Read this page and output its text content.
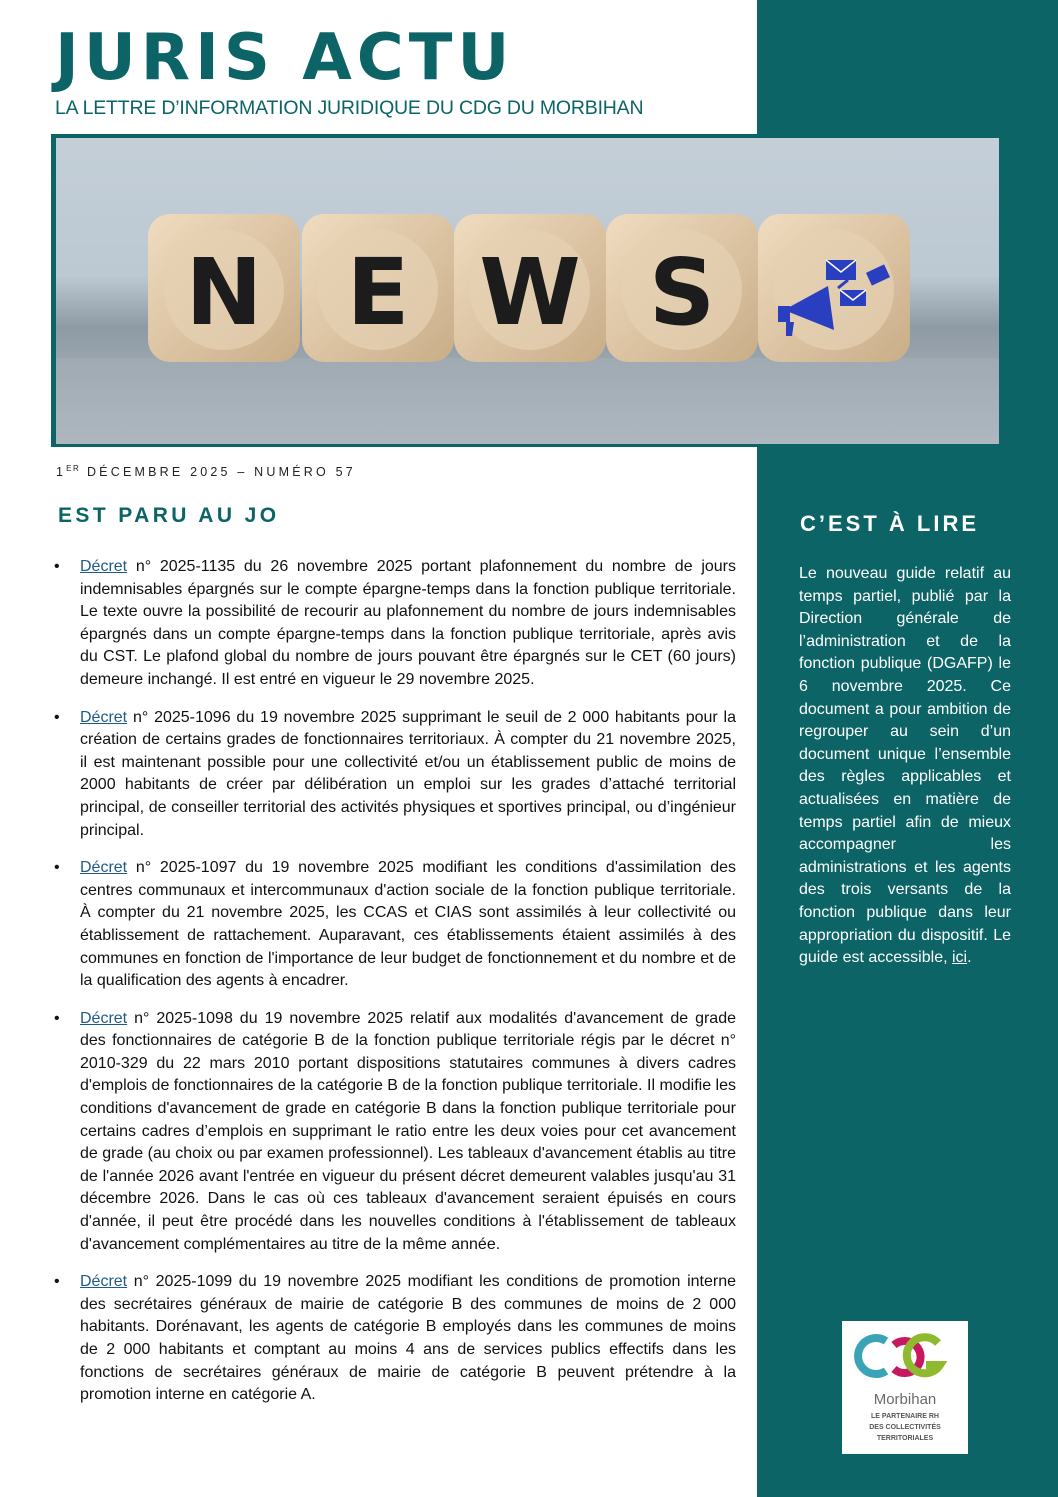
JURIS ACTU
LA LETTRE D’INFORMATION JURIDIQUE DU CDG DU MORBIHAN
N E W S
1ER DÉCEMBRE 2025 – NUMÉRO 57
EST PARU AU JO
• Décret n° 2025-1135 du 26 novembre 2025 portant plafonnement du nombre de jours indemnisables épargnés sur le compte épargne-temps dans la fonction publique territoriale. Le texte ouvre la possibilité de recourir au plafonnement du nombre de jours indemnisables épargnés dans un compte épargne-temps dans la fonction publique territoriale, après avis du CST. Le plafond global du nombre de jours pouvant être épargnés sur le CET (60 jours) demeure inchangé. Il est entré en vigueur le 29 novembre 2025.
• Décret n° 2025-1096 du 19 novembre 2025 supprimant le seuil de 2 000 habitants pour la création de certains grades de fonctionnaires territoriaux. À compter du 21 novembre 2025, il est maintenant possible pour une collectivité et/ou un établissement public de moins de 2000 habitants de créer par délibération un emploi sur les grades d’attaché territorial principal, de conseiller territorial des activités physiques et sportives principal, ou d’ingénieur principal.
• Décret n° 2025-1097 du 19 novembre 2025 modifiant les conditions d'assimilation des centres communaux et intercommunaux d'action sociale de la fonction publique territoriale. À compter du 21 novembre 2025, les CCAS et CIAS sont assimilés à leur collectivité ou établissement de rattachement. Auparavant, ces établissements étaient assimilés à des communes en fonction de l'importance de leur budget de fonctionnement et du nombre et de la qualification des agents à encadrer.
• Décret n° 2025-1098 du 19 novembre 2025 relatif aux modalités d'avancement de grade des fonctionnaires de catégorie B de la fonction publique territoriale régis par le décret n° 2010-329 du 22 mars 2010 portant dispositions statutaires communes à divers cadres d'emplois de fonctionnaires de la catégorie B de la fonction publique territoriale. Il modifie les conditions d'avancement de grade en catégorie B dans la fonction publique territoriale pour certains cadres d’emplois en supprimant le ratio entre les deux voies pour cet avancement de grade (au choix ou par examen professionnel). Les tableaux d'avancement établis au titre de l'année 2026 avant l'entrée en vigueur du présent décret demeurent valables jusqu'au 31 décembre 2026. Dans le cas où ces tableaux d'avancement seraient épuisés en cours d'année, il peut être procédé dans les nouvelles conditions à l'établissement de tableaux d'avancement complémentaires au titre de la même année.
• Décret n° 2025-1099 du 19 novembre 2025 modifiant les conditions de promotion interne des secrétaires généraux de mairie de catégorie B des communes de moins de 2 000 habitants. Dorénavant, les agents de catégorie B employés dans les communes de moins de 2 000 habitants et comptant au moins 4 ans de services publics effectifs dans les fonctions de secrétaires généraux de mairie de catégorie B peuvent prétendre à la promotion interne en catégorie A.
C’EST À LIRE
Le nouveau guide relatif au temps partiel, publié par la Direction générale de l’administration et de la fonction publique (DGAFP) le 6 novembre 2025. Ce document a pour ambition de regrouper au sein d’un document unique l’ensemble des règles applicables et actualisées en matière de temps partiel afin de mieux accompagner les administrations et les agents des trois versants de la fonction publique dans leur appropriation du dispositif. Le guide est accessible, ici.
Morbihan
LE PARTENAIRE RH
DES COLLECTIVITÉS
TERRITORIALES
